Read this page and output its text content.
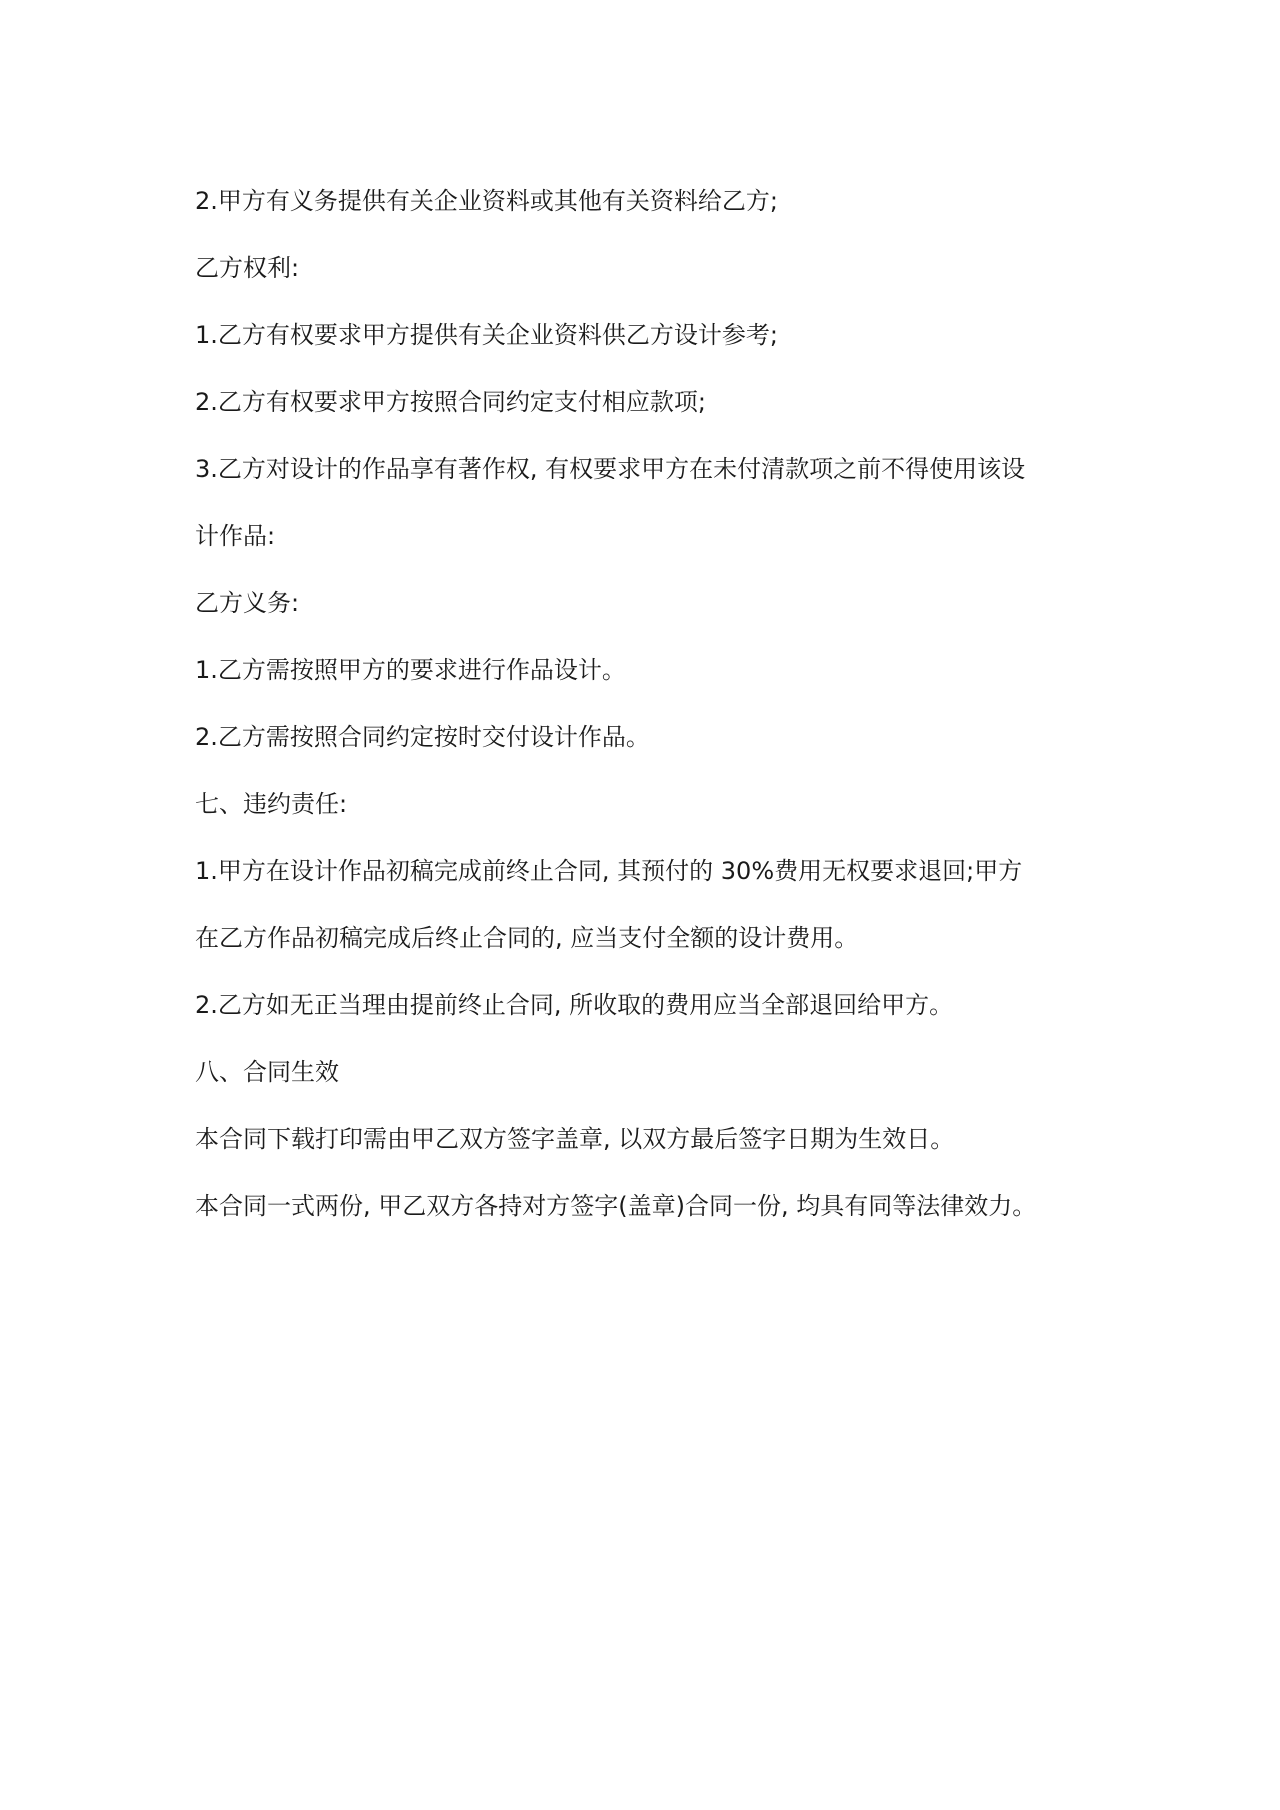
2.甲方有义务提供有关企业资料或其他有关资料给乙方;

乙方权利:

1.乙方有权要求甲方提供有关企业资料供乙方设计参考;

2.乙方有权要求甲方按照合同约定支付相应款项;

3.乙方对设计的作品享有著作权, 有权要求甲方在未付清款项之前不得使用该设

计作品:

乙方义务:

1.乙方需按照甲方的要求进行作品设计。

2.乙方需按照合同约定按时交付设计作品。

七、违约责任:

1.甲方在设计作品初稿完成前终止合同, 其预付的 30%费用无权要求退回;甲方

在乙方作品初稿完成后终止合同的, 应当支付全额的设计费用。

2.乙方如无正当理由提前终止合同, 所收取的费用应当全部退回给甲方。

八、合同生效

本合同下载打印需由甲乙双方签字盖章, 以双方最后签字日期为生效日。

本合同一式两份, 甲乙双方各持对方签字(盖章)合同一份, 均具有同等法律效力。
